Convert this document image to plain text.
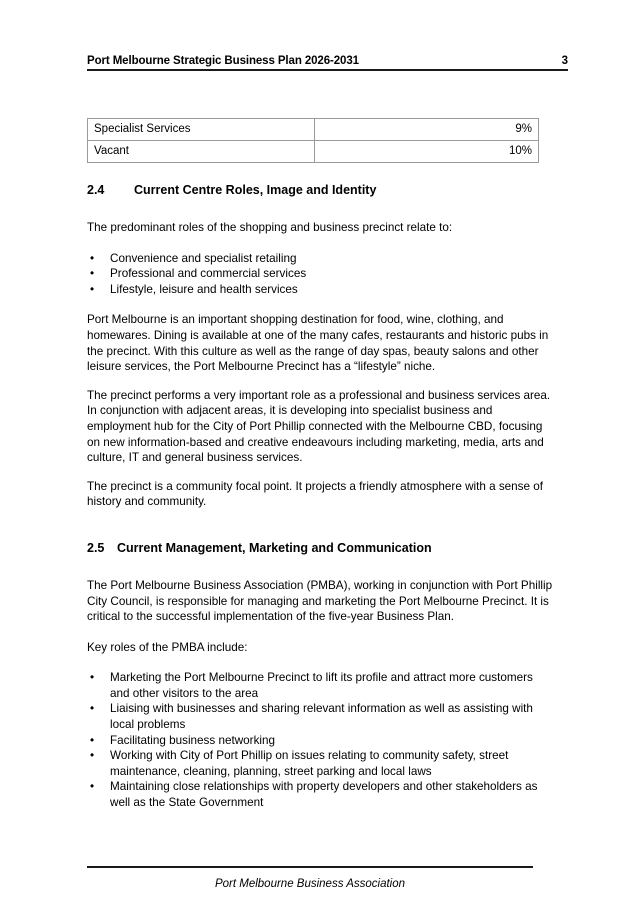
Port Melbourne Strategic Business Plan 2026-2031	3
Specialist Services	9%
Vacant	10%
2.4	Current Centre Roles, Image and Identity

The predominant roles of the shopping and business precinct relate to:

• Convenience and specialist retailing
• Professional and commercial services
• Lifestyle, leisure and health services

Port Melbourne is an important shopping destination for food, wine, clothing, and homewares. Dining is available at one of the many cafes, restaurants and historic pubs in the precinct. With this culture as well as the range of day spas, beauty salons and other leisure services, the Port Melbourne Precinct has a “lifestyle” niche.

The precinct performs a very important role as a professional and business services area. In conjunction with adjacent areas, it is developing into specialist business and employment hub for the City of Port Phillip connected with the Melbourne CBD, focusing on new information-based and creative endeavours including marketing, media, arts and culture, IT and general business services.

The precinct is a community focal point. It projects a friendly atmosphere with a sense of history and community.

2.5	Current Management, Marketing and Communication

The Port Melbourne Business Association (PMBA), working in conjunction with Port Phillip City Council, is responsible for managing and marketing the Port Melbourne Precinct. It is critical to the successful implementation of the five-year Business Plan.

Key roles of the PMBA include:

• Marketing the Port Melbourne Precinct to lift its profile and attract more customers and other visitors to the area
• Liaising with businesses and sharing relevant information as well as assisting with local problems
• Facilitating business networking
• Working with City of Port Phillip on issues relating to community safety, street maintenance, cleaning, planning, street parking and local laws
• Maintaining close relationships with property developers and other stakeholders as well as the State Government
Port Melbourne Business Association
